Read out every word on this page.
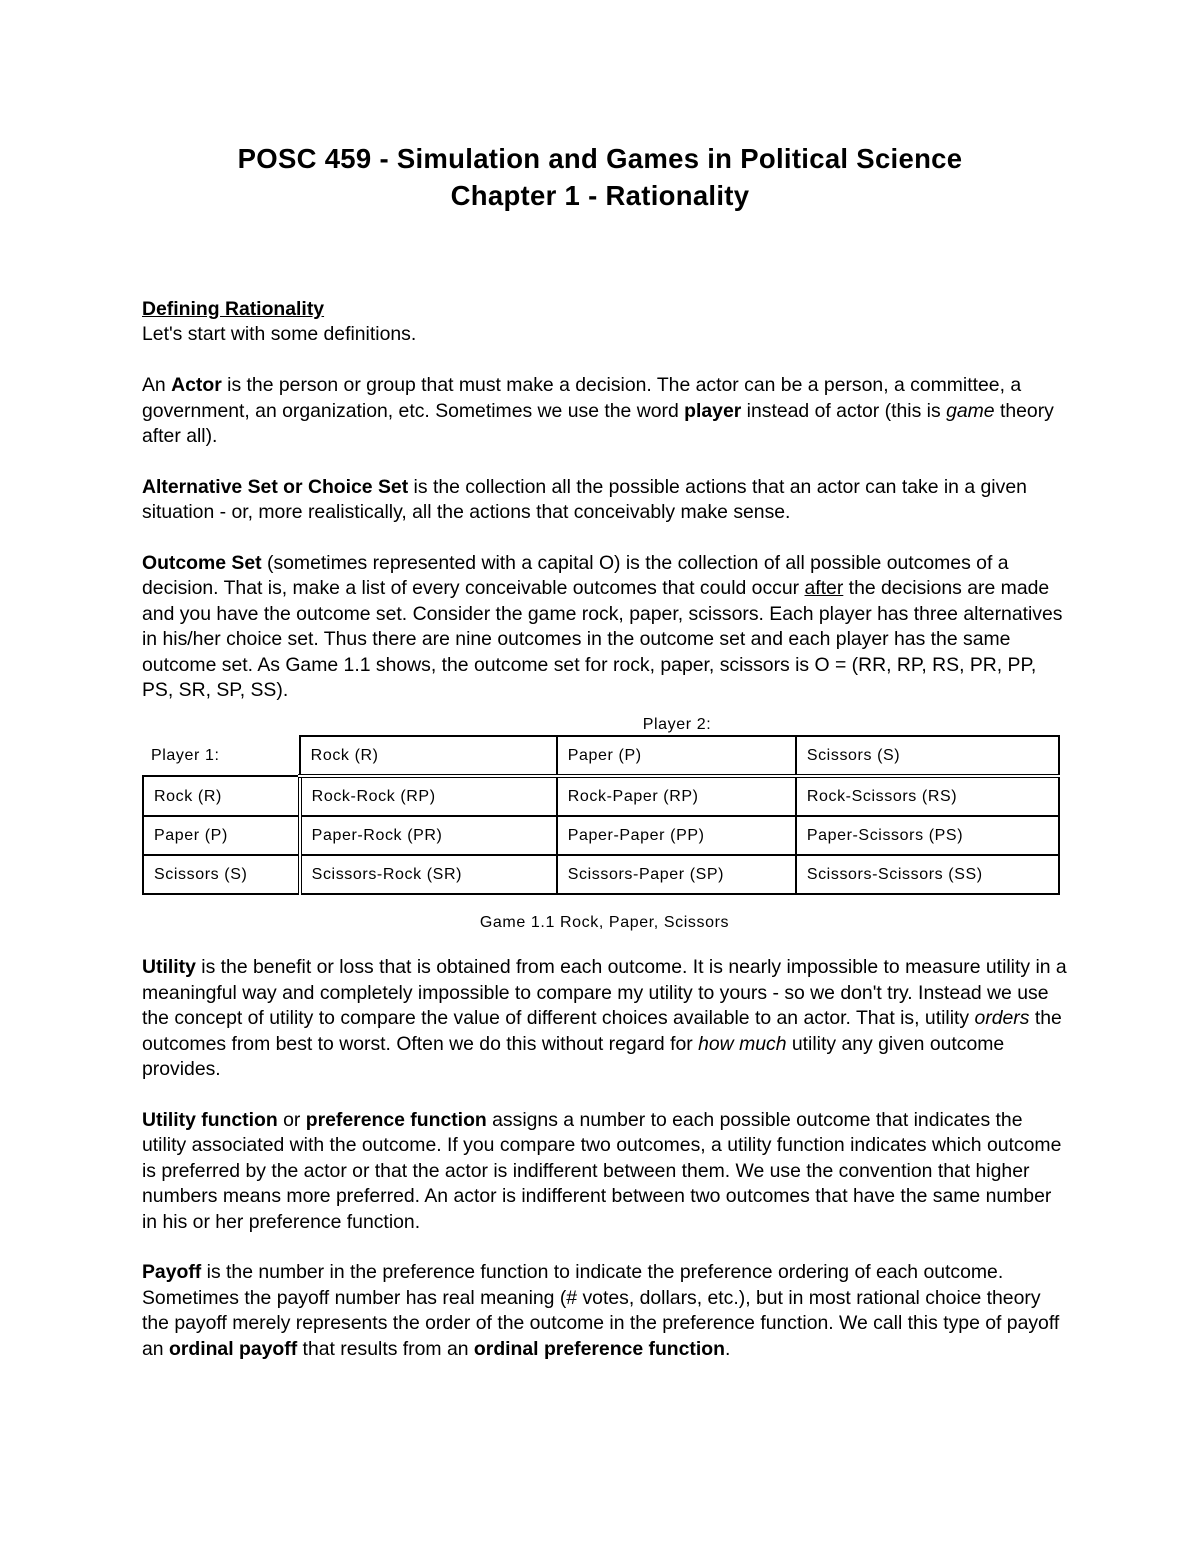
POSC 459 - Simulation and Games in Political Science
Chapter 1 - Rationality

Defining Rationality
Let's start with some definitions.

An Actor is the person or group that must make a decision. The actor can be a person, a committee, a government, an organization, etc. Sometimes we use the word player instead of actor (this is game theory after all).

Alternative Set or Choice Set is the collection all the possible actions that an actor can take in a given situation - or, more realistically, all the actions that conceivably make sense.

Outcome Set (sometimes represented with a capital O) is the collection of all possible outcomes of a decision. That is, make a list of every conceivable outcomes that could occur after the decisions are made and you have the outcome set. Consider the game rock, paper, scissors. Each player has three alternatives in his/her choice set. Thus there are nine outcomes in the outcome set and each player has the same outcome set. As Game 1.1 shows, the outcome set for rock, paper, scissors is O = (RR, RP, RS, PR, PP, PS, SR, SP, SS).

Player 2:
Player 1:	Rock (R)	Paper (P)	Scissors (S)
Rock (R)	Rock-Rock (RP)	Rock-Paper (RP)	Rock-Scissors (RS)
Paper (P)	Paper-Rock (PR)	Paper-Paper (PP)	Paper-Scissors (PS)
Scissors (S)	Scissors-Rock (SR)	Scissors-Paper (SP)	Scissors-Scissors (SS)
Game 1.1 Rock, Paper, Scissors

Utility is the benefit or loss that is obtained from each outcome. It is nearly impossible to measure utility in a meaningful way and completely impossible to compare my utility to yours - so we don't try. Instead we use the concept of utility to compare the value of different choices available to an actor. That is, utility orders the outcomes from best to worst. Often we do this without regard for how much utility any given outcome provides.

Utility function or preference function assigns a number to each possible outcome that indicates the utility associated with the outcome. If you compare two outcomes, a utility function indicates which outcome is preferred by the actor or that the actor is indifferent between them. We use the convention that higher numbers means more preferred. An actor is indifferent between two outcomes that have the same number in his or her preference function.

Payoff is the number in the preference function to indicate the preference ordering of each outcome. Sometimes the payoff number has real meaning (# votes, dollars, etc.), but in most rational choice theory the payoff merely represents the order of the outcome in the preference function. We call this type of payoff an ordinal payoff that results from an ordinal preference function.
